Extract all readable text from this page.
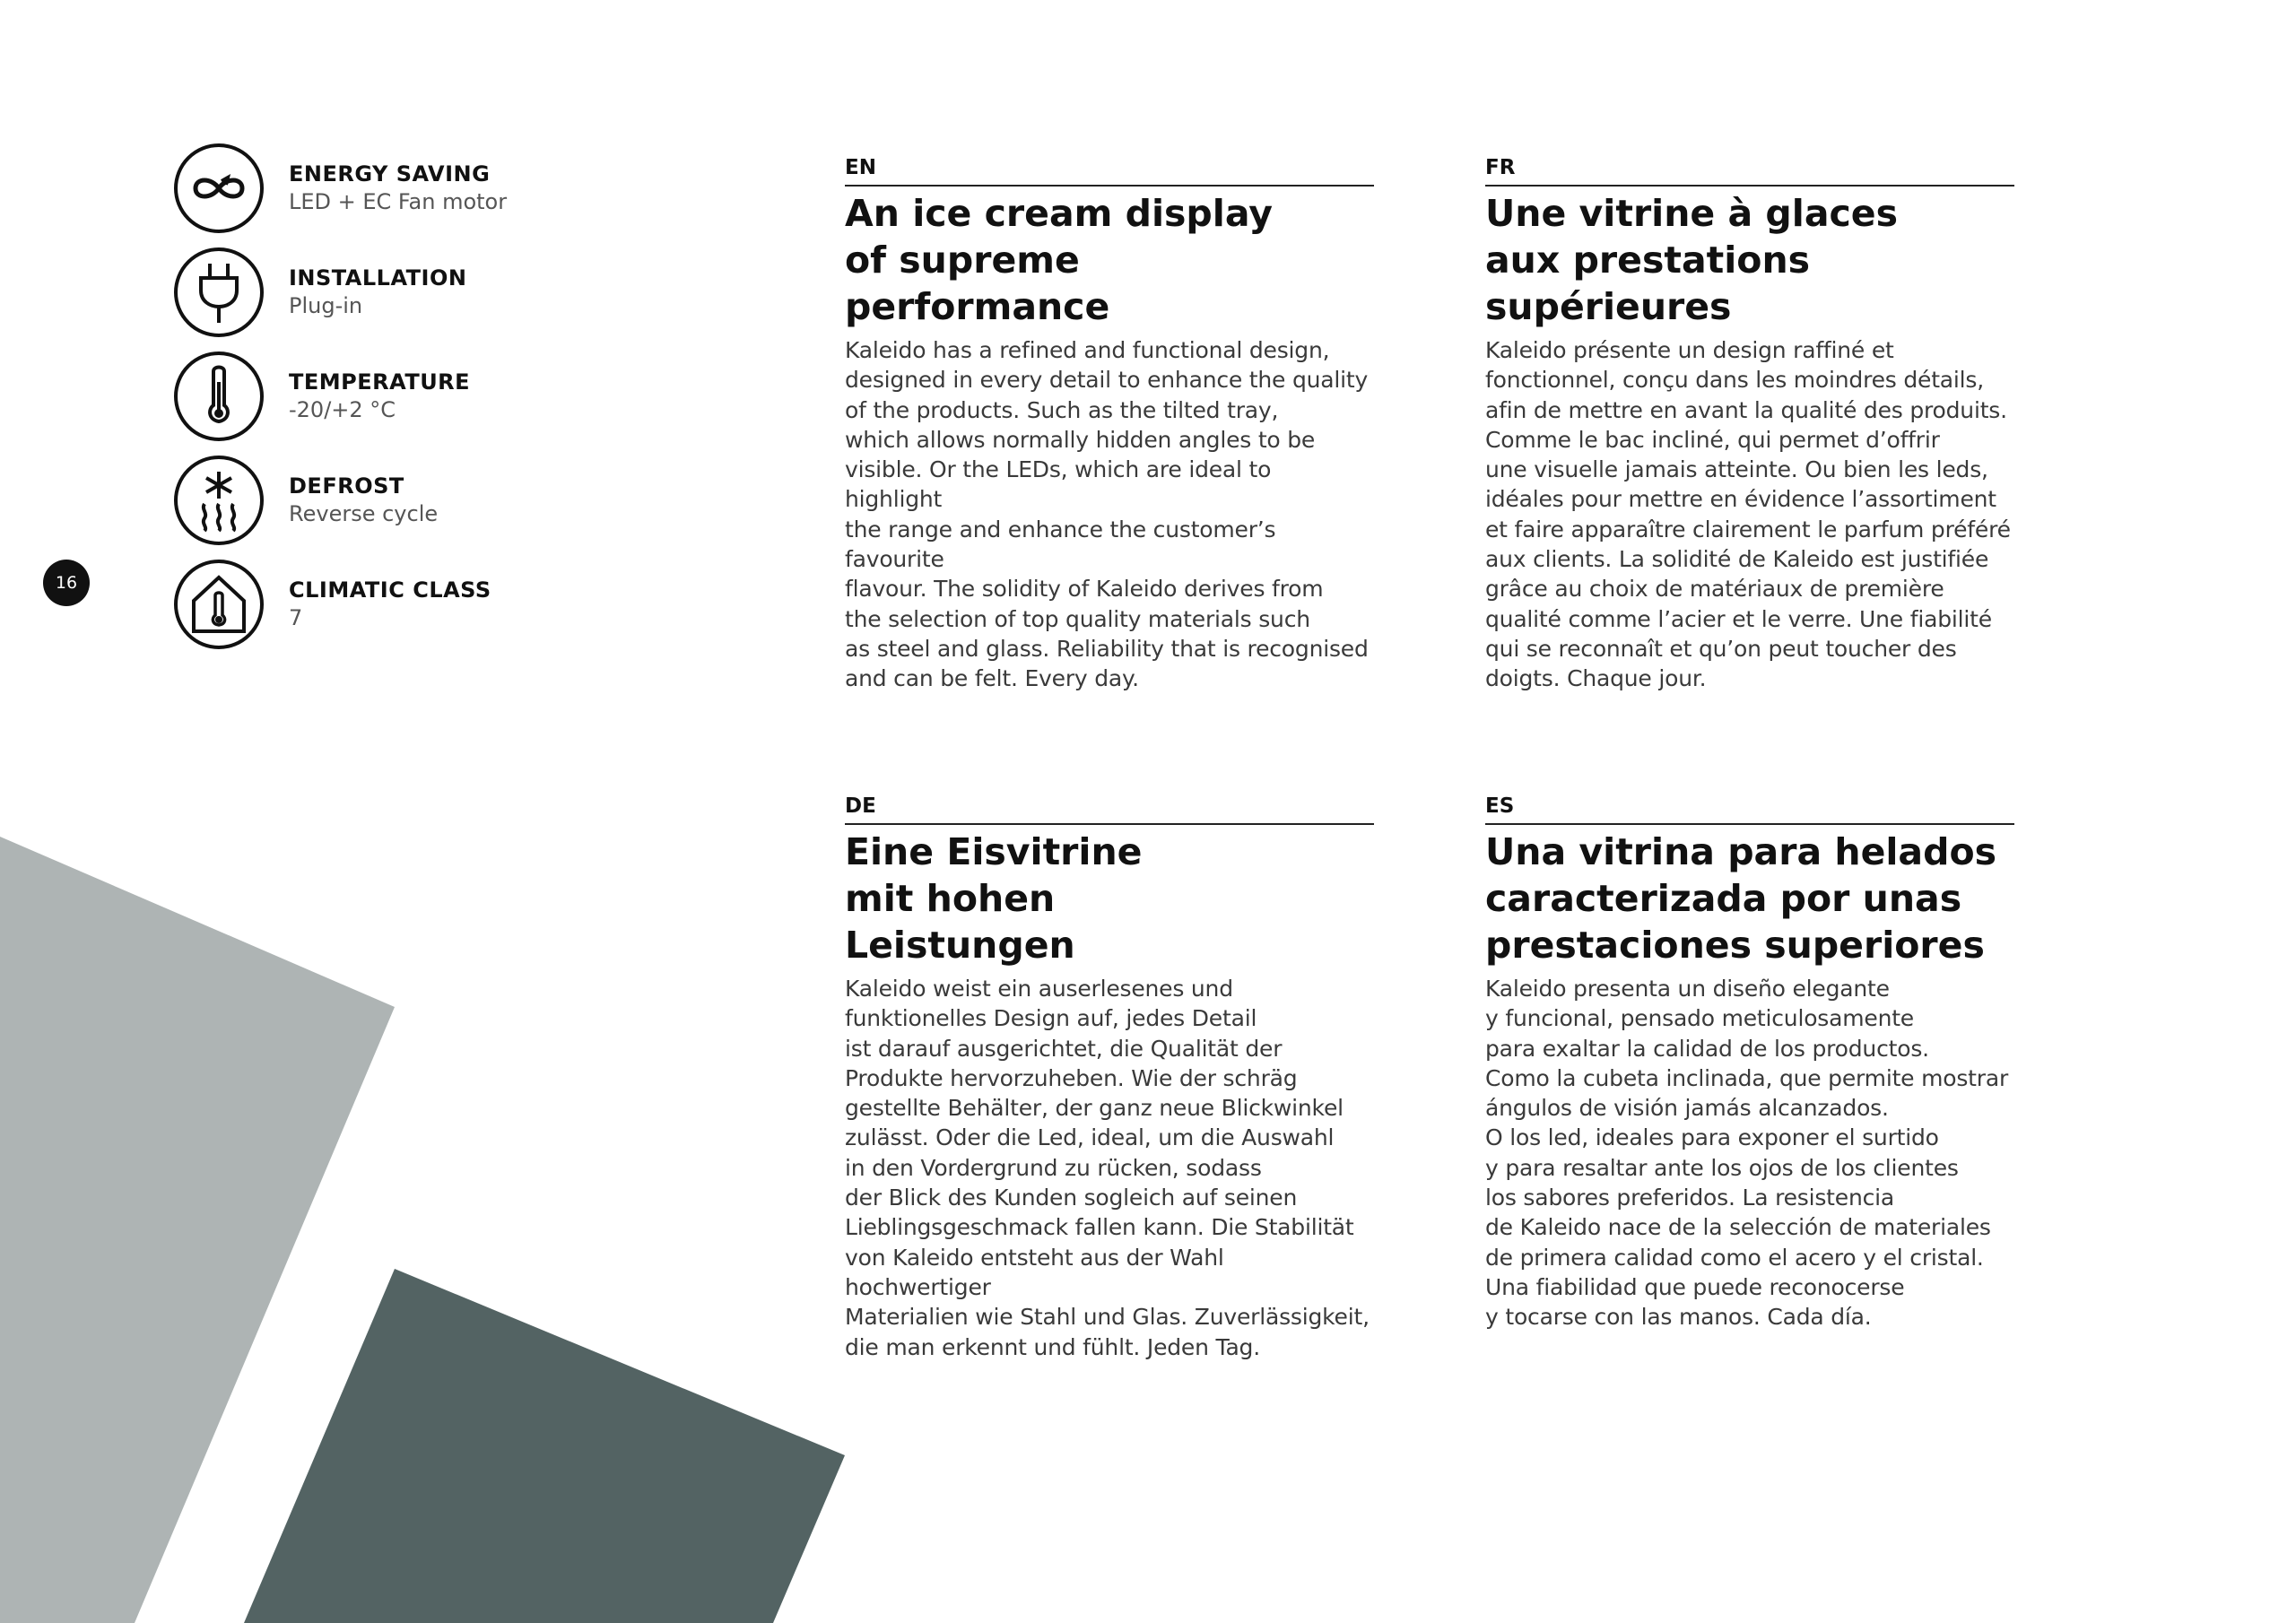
16
ENERGY SAVING
LED + EC Fan motor
INSTALLATION
Plug-in
TEMPERATURE
-20/+2 °C
DEFROST
Reverse cycle
CLIMATIC CLASS
7
EN
An ice cream display
of supreme
performance
Kaleido has a refined and functional design,
designed in every detail to enhance the quality
of the products. Such as the tilted tray,
which allows normally hidden angles to be
visible. Or the LEDs, which are ideal to highlight
the range and enhance the customer’s favourite
flavour. The solidity of Kaleido derives from
the selection of top quality materials such
as steel and glass. Reliability that is recognised
and can be felt. Every day.
FR
Une vitrine à glaces
aux prestations
supérieures
Kaleido présente un design raffiné et
fonctionnel, conçu dans les moindres détails,
afin de mettre en avant la qualité des produits.
Comme le bac incliné, qui permet d’offrir
une visuelle jamais atteinte. Ou bien les leds,
idéales pour mettre en évidence l’assortiment
et faire apparaître clairement le parfum préféré
aux clients. La solidité de Kaleido est justifiée
grâce au choix de matériaux de première
qualité comme l’acier et le verre. Une fiabilité
qui se reconnaît et qu’on peut toucher des
doigts. Chaque jour.
DE
Eine Eisvitrine
mit hohen
Leistungen
Kaleido weist ein auserlesenes und
funktionelles Design auf, jedes Detail
ist darauf ausgerichtet, die Qualität der
Produkte hervorzuheben. Wie der schräg
gestellte Behälter, der ganz neue Blickwinkel
zulässt. Oder die Led, ideal, um die Auswahl
in den Vordergrund zu rücken, sodass
der Blick des Kunden sogleich auf seinen
Lieblingsgeschmack fallen kann. Die Stabilität
von Kaleido entsteht aus der Wahl hochwertiger
Materialien wie Stahl und Glas. Zuverlässigkeit,
die man erkennt und fühlt. Jeden Tag.
ES
Una vitrina para helados
caracterizada por unas
prestaciones superiores
Kaleido presenta un diseño elegante
y funcional, pensado meticulosamente
para exaltar la calidad de los productos.
Como la cubeta inclinada, que permite mostrar
ángulos de visión jamás alcanzados.
O los led, ideales para exponer el surtido
y para resaltar ante los ojos de los clientes
los sabores preferidos. La resistencia
de Kaleido nace de la selección de materiales
de primera calidad como el acero y el cristal.
Una fiabilidad que puede reconocerse
y tocarse con las manos. Cada día.
